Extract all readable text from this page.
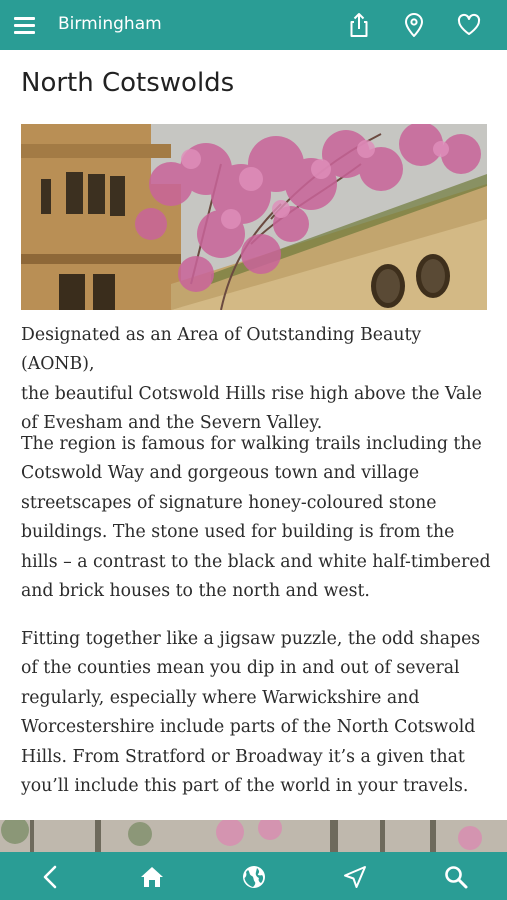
Birmingham
North Cotswolds

Designated as an Area of Outstanding Beauty (AONB),
the beautiful Cotswold Hills rise high above the Vale
of Evesham and the Severn Valley.

The region is famous for walking trails including the
Cotswold Way and gorgeous town and village
streetscapes of signature honey-coloured stone
buildings. The stone used for building is from the
hills – a contrast to the black and white half-timbered
and brick houses to the north and west.

Fitting together like a jigsaw puzzle, the odd shapes
of the counties mean you dip in and out of several
regularly, especially where Warwickshire and
Worcestershire include parts of the North Cotswold
Hills. From Stratford or Broadway it’s a given that
you’ll include this part of the world in your travels.
